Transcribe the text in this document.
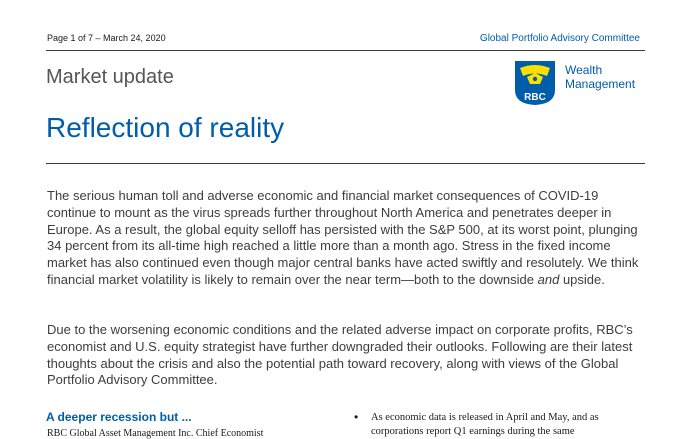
Page 1 of 7 – March 24, 2020	Global Portfolio Advisory Committee
Market update
RBC
Wealth
Management
Reflection of reality

The serious human toll and adverse economic and financial market consequences of COVID-19 continue to mount as the virus spreads further throughout North America and penetrates deeper in Europe. As a result, the global equity selloff has persisted with the S&P 500, at its worst point, plunging 34 percent from its all-time high reached a little more than a month ago. Stress in the fixed income market has also continued even though major central banks have acted swiftly and resolutely. We think financial market volatility is likely to remain over the near term—both to the downside and upside.

Due to the worsening economic conditions and the related adverse impact on corporate profits, RBC’s economist and U.S. equity strategist have further downgraded their outlooks. Following are their latest thoughts about the crisis and also the potential path toward recovery, along with views of the Global Portfolio Advisory Committee.

A deeper recession but ...
RBC Global Asset Management Inc. Chief Economist
• As economic data is released in April and May, and as corporations report Q1 earnings during the same
